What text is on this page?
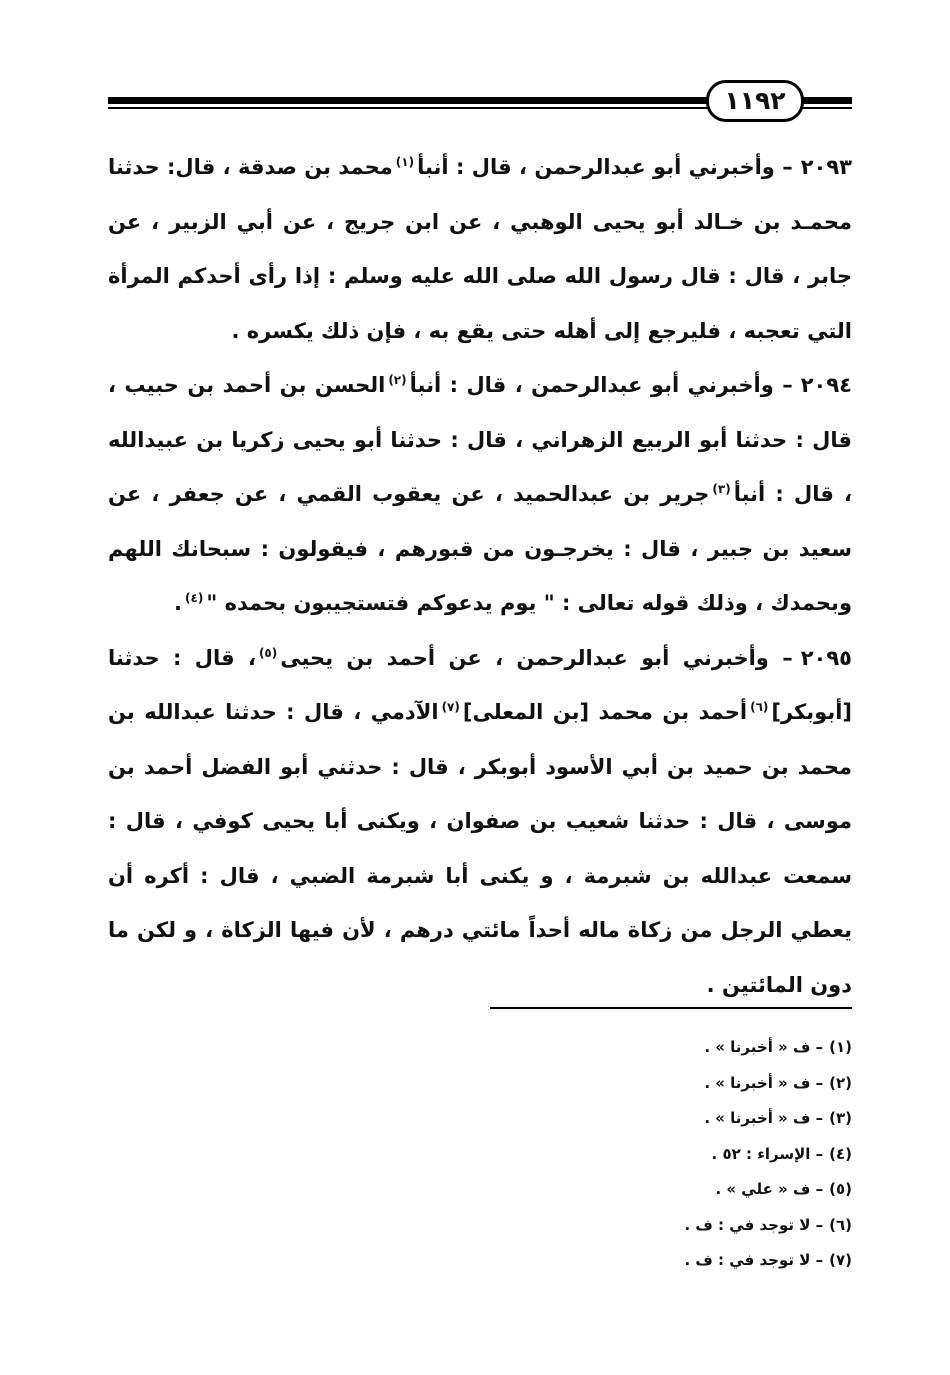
١١٩٢

٢٠٩٣– وأخبرني أبو عبدالرحمن ، قال : أنبأ$^{(١)}$محمد بن صدقة ، قال: حدثنا محمـد بن خـالد أبو يحيى الوهبي ، عن ابن جريج ، عن أبي الزبير ، عن جابر ، قال : قال رسول الله صلى الله عليه وسلم : إذا رأى أحدكم المرأة التي تعجبه ، فليرجع إلى أهله حتى يقع به ، فإن ذلك يكسره .

٢٠٩٤– وأخبرني أبو عبدالرحمن ، قال : أنبأ$^{(٢)}$الحسن بن أحمد بن حبيب ، قال : حدثنا أبو الربيع الزهراني ، قال : حدثنا أبو يحيى زكريا بن عبيدالله ، قال : أنبأ$^{(٣)}$جرير بن عبدالحميد ، عن يعقوب القمي ، عن جعفر ، عن سعيد بن جبير ، قال : يخرجـون من قبورهم ، فيقولون : سبحانك اللهم وبحمدك ، وذلك قوله تعالى : " يوم يدعوكم فتستجيبون بحمده "$^{(٤)}$.

٢٠٩٥– وأخبرني أبو عبدالرحمن ، عن أحمد بن يحيى$^{(٥)}$، قال : حدثنا [أبوبكر]$^{(٦)}$أحمد بن محمد [بن المعلى]$^{(٧)}$الآدمي ، قال : حدثنا عبدالله بن محمد بن حميد بن أبي الأسود أبوبكر ، قال : حدثني أبو الفضل أحمد بن موسى ، قال : حدثنا شعيب بن صفوان ، ويكنى أبا يحيى كوفي ، قال : سمعت عبدالله بن شبرمة ، و يكنى أبا شبرمة الضبي ، قال : أكره أن يعطي الرجل من زكاة ماله أحداً مائتي درهم ، لأن فيها الزكاة ، و لكن ما دون المائتين .

(١)– ف « أخبرنا » .
(٢)– ف « أخبرنا » .
(٣)– ف « أخبرنا » .
(٤)– الإسراء : ٥٢ .
(٥)– ف « علي » .
(٦)– لا توجد في : ف .
(٧)– لا توجد في : ف .
